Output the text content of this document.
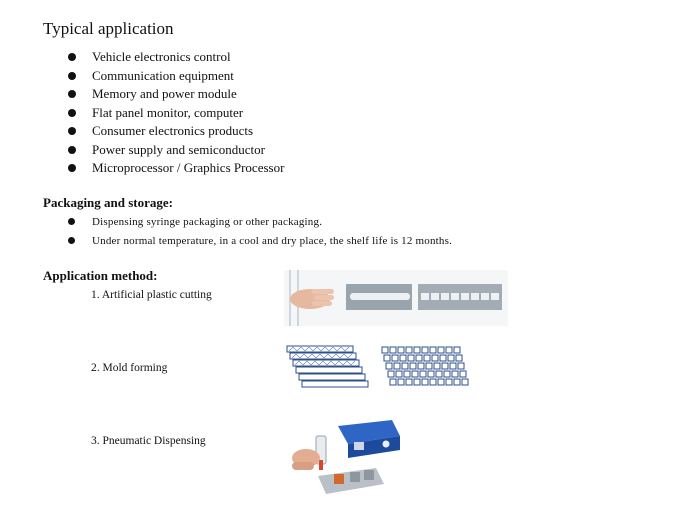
Typical application
Vehicle electronics control
Communication equipment
Memory and power module
Flat panel monitor, computer
Consumer electronics products
Power supply and semiconductor
Microprocessor / Graphics Processor
Packaging and storage:
Dispensing syringe packaging or other packaging.
Under normal temperature, in a cool and dry place, the shelf life is 12 months.
Application method:
1. Artificial plastic cutting
2. Mold forming
3. Pneumatic Dispensing
